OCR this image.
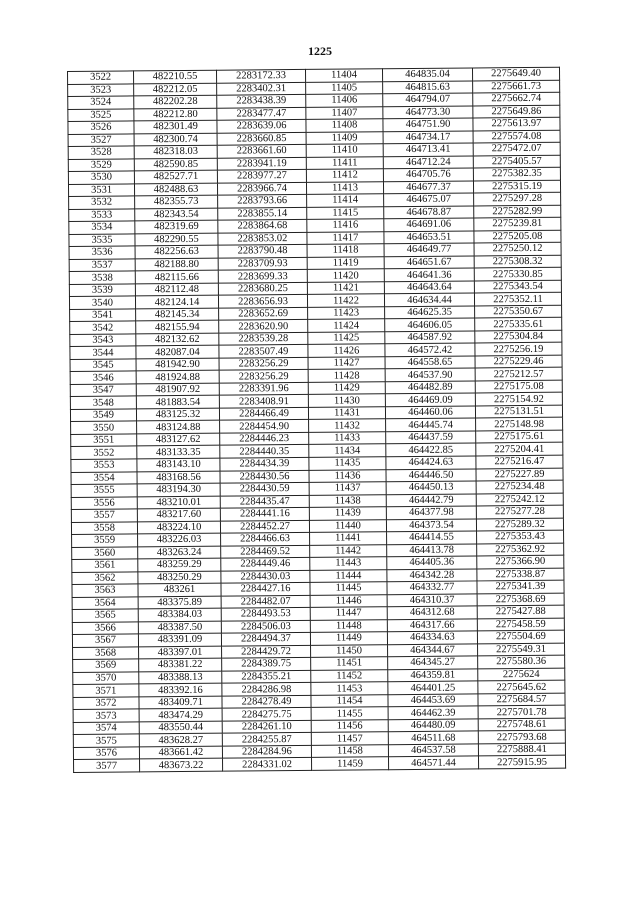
1225
3522	482210.55	2283172.33	11404	464835.04	2275649.40
3523	482212.05	2283402.31	11405	464815.63	2275661.73
3524	482202.28	2283438.39	11406	464794.07	2275662.74
3525	482212.80	2283477.47	11407	464773.30	2275649.86
3526	482301.49	2283639.06	11408	464751.90	2275613.97
3527	482300.74	2283660.85	11409	464734.17	2275574.08
3528	482318.03	2283661.60	11410	464713.41	2275472.07
3529	482590.85	2283941.19	11411	464712.24	2275405.57
3530	482527.71	2283977.27	11412	464705.76	2275382.35
3531	482488.63	2283966.74	11413	464677.37	2275315.19
3532	482355.73	2283793.66	11414	464675.07	2275297.28
3533	482343.54	2283855.14	11415	464678.87	2275282.99
3534	482319.69	2283864.68	11416	464691.06	2275239.81
3535	482290.55	2283853.02	11417	464653.51	2275205.08
3536	482256.63	2283790.48	11418	464649.77	2275250.12
3537	482188.80	2283709.93	11419	464651.67	2275308.32
3538	482115.66	2283699.33	11420	464641.36	2275330.85
3539	482112.48	2283680.25	11421	464643.64	2275343.54
3540	482124.14	2283656.93	11422	464634.44	2275352.11
3541	482145.34	2283652.69	11423	464625.35	2275350.67
3542	482155.94	2283620.90	11424	464606.05	2275335.61
3543	482132.62	2283539.28	11425	464587.92	2275304.84
3544	482087.04	2283507.49	11426	464572.42	2275256.19
3545	481942.90	2283256.29	11427	464558.65	2275229.46
3546	481924.88	2283256.29	11428	464537.90	2275212.57
3547	481907.92	2283391.96	11429	464482.89	2275175.08
3548	481883.54	2283408.91	11430	464469.09	2275154.92
3549	483125.32	2284466.49	11431	464460.06	2275131.51
3550	483124.88	2284454.90	11432	464445.74	2275148.98
3551	483127.62	2284446.23	11433	464437.59	2275175.61
3552	483133.35	2284440.35	11434	464422.85	2275204.41
3553	483143.10	2284434.39	11435	464424.63	2275216.47
3554	483168.56	2284430.56	11436	464446.50	2275227.89
3555	483194.30	2284430.59	11437	464450.13	2275234.48
3556	483210.01	2284435.47	11438	464442.79	2275242.12
3557	483217.60	2284441.16	11439	464377.98	2275277.28
3558	483224.10	2284452.27	11440	464373.54	2275289.32
3559	483226.03	2284466.63	11441	464414.55	2275353.43
3560	483263.24	2284469.52	11442	464413.78	2275362.92
3561	483259.29	2284449.46	11443	464405.36	2275366.90
3562	483250.29	2284430.03	11444	464342.28	2275338.87
3563	483261	2284427.16	11445	464332.77	2275341.39
3564	483375.89	2284482.07	11446	464310.37	2275368.69
3565	483384.03	2284493.53	11447	464312.68	2275427.88
3566	483387.50	2284506.03	11448	464317.66	2275458.59
3567	483391.09	2284494.37	11449	464334.63	2275504.69
3568	483397.01	2284429.72	11450	464344.67	2275549.31
3569	483381.22	2284389.75	11451	464345.27	2275580.36
3570	483388.13	2284355.21	11452	464359.81	2275624
3571	483392.16	2284286.98	11453	464401.25	2275645.62
3572	483409.71	2284278.49	11454	464453.69	2275684.57
3573	483474.29	2284275.75	11455	464462.39	2275701.78
3574	483550.44	2284261.10	11456	464480.09	2275748.61
3575	483628.27	2284255.87	11457	464511.68	2275793.68
3576	483661.42	2284284.96	11458	464537.58	2275888.41
3577	483673.22	2284331.02	11459	464571.44	2275915.95
